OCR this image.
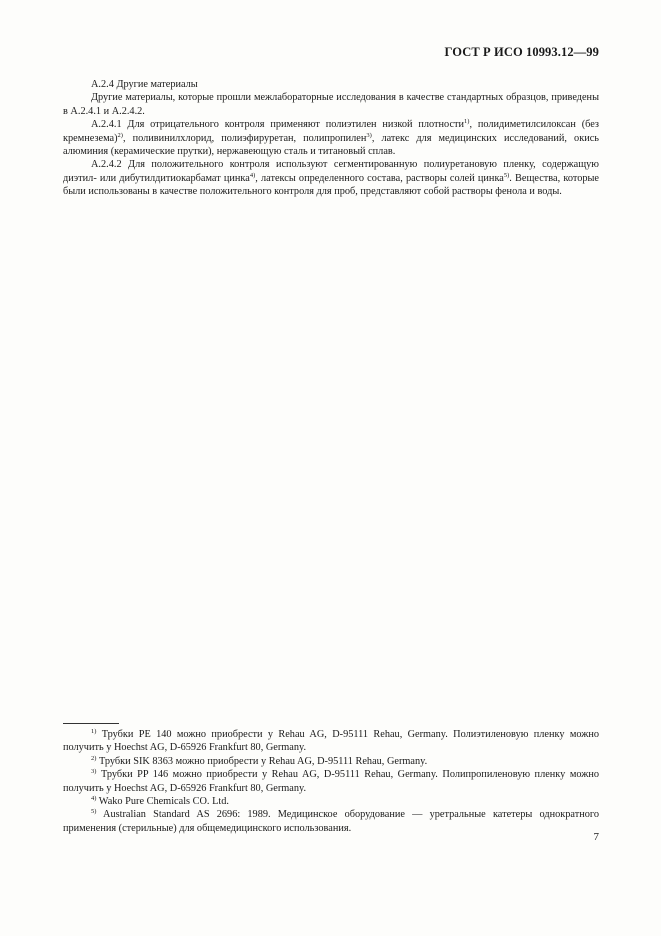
ГОСТ Р ИСО 10993.12—99

А.2.4 Другие материалы

Другие материалы, которые прошли межлабораторные исследования в качестве стандартных образцов, приведены в А.2.4.1 и А.2.4.2.

А.2.4.1 Для отрицательного контроля применяют полиэтилен низкой плотности$^{1)}$, полидиметилсилоксан (без кремнезема)$^{2)}$, поливинилхлорид, полиэфируретан, полипропилен$^{3)}$, латекс для медицинских исследований, окись алюминия (керамические прутки), нержавеющую сталь и титановый сплав.

А.2.4.2 Для положительного контроля используют сегментированную полиуретановую пленку, содержащую диэтил- или дибутилдитиокарбамат цинка$^{4)}$, латексы определенного состава, растворы солей цинка$^{5)}$. Вещества, которые были использованы в качестве положительного контроля для проб, представляют собой растворы фенола и воды.

$^{1)}$ Трубки PE 140 можно приобрести у Rehau AG, D-95111 Rehau, Germany. Полиэтиленовую пленку можно получить у Hoechst AG, D-65926 Frankfurt 80, Germany.

$^{2)}$ Трубки SIK 8363 можно приобрести у Rehau AG, D-95111 Rehau, Germany.

$^{3)}$ Трубки PP 146 можно приобрести у Rehau AG, D-95111 Rehau, Germany. Полипропиленовую пленку можно получить у Hoechst AG, D-65926 Frankfurt 80, Germany.

$^{4)}$ Wako Pure Chemicals CO. Ltd.

$^{5)}$ Australian Standard AS 2696: 1989. Медицинское оборудование — уретральные катетеры однократного применения (стерильные) для общемедицинского использования.

7
